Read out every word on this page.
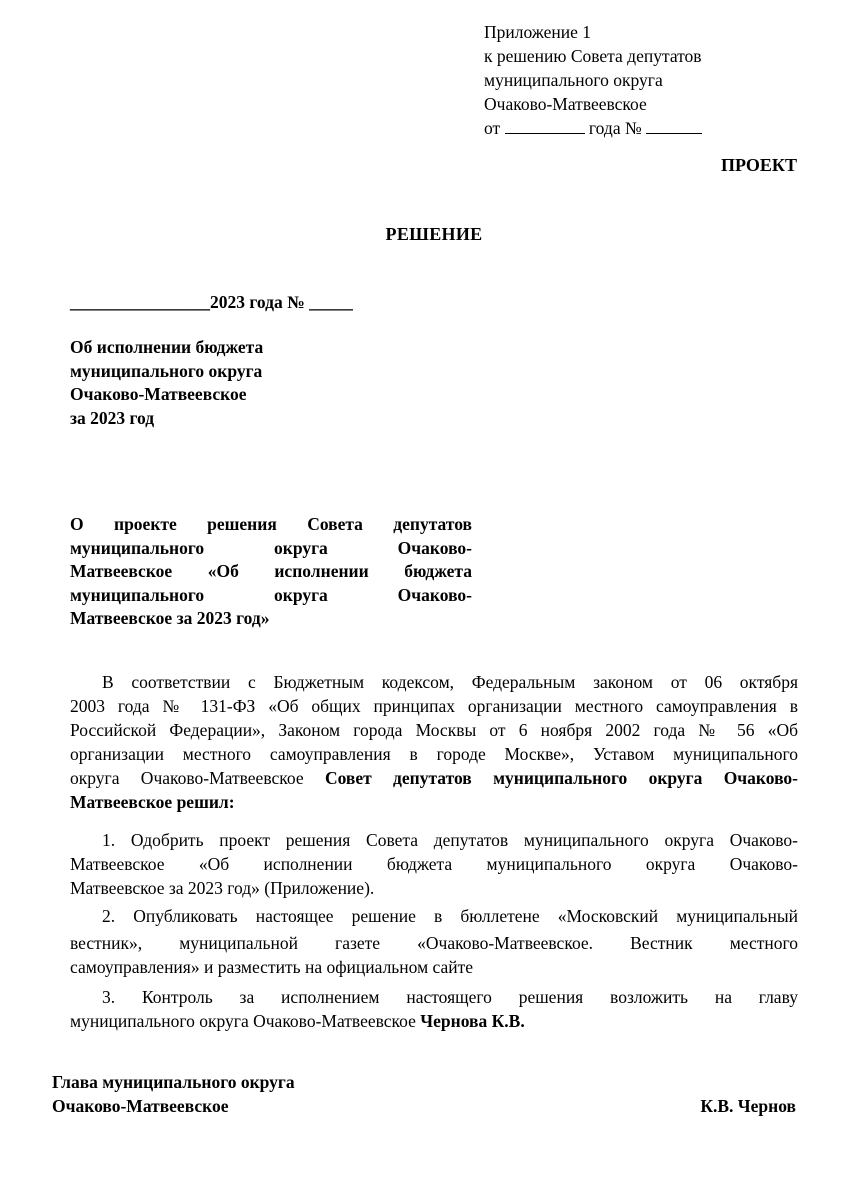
Приложение 1
к решению Совета депутатов
муниципального округа
Очаково-Матвеевское
от	года №
ПРОЕКТ
РЕШЕНИЕ
________________2023 года № _____
Об исполнении бюджета
муниципального округа
Очаково-Матвеевское
за 2023 год
О проекте решения Совета депутатов
муниципального округа Очаково-
Матвеевское «Об исполнении бюджета
муниципального округа Очаково-
Матвеевское за 2023 год»
В соответствии с Бюджетным кодексом, Федеральным законом от 06 октября
2003 года № 131-ФЗ «Об общих принципах организации местного самоуправления в
Российской Федерации», Законом города Москвы от 6 ноября 2002 года № 56 «Об
организации местного самоуправления в городе Москве», Уставом муниципального
округа Очаково-Матвеевское Совет депутатов муниципального округа Очаково-
Матвеевское решил:
1. Одобрить проект решения Совета депутатов муниципального округа Очаково-
Матвеевское «Об исполнении бюджета муниципального округа Очаково-
Матвеевское за 2023 год» (Приложение).
2. Опубликовать настоящее решение в бюллетене «Московский муниципальный
вестник», муниципальной газете «Очаково-Матвеевское. Вестник местного
самоуправления» и разместить на официальном сайте
3. Контроль за исполнением настоящего решения возложить на главу
муниципального округа Очаково-Матвеевское Чернова К.В.
Глава муниципального округа
Очаково-Матвеевское	К.В. Чернов
